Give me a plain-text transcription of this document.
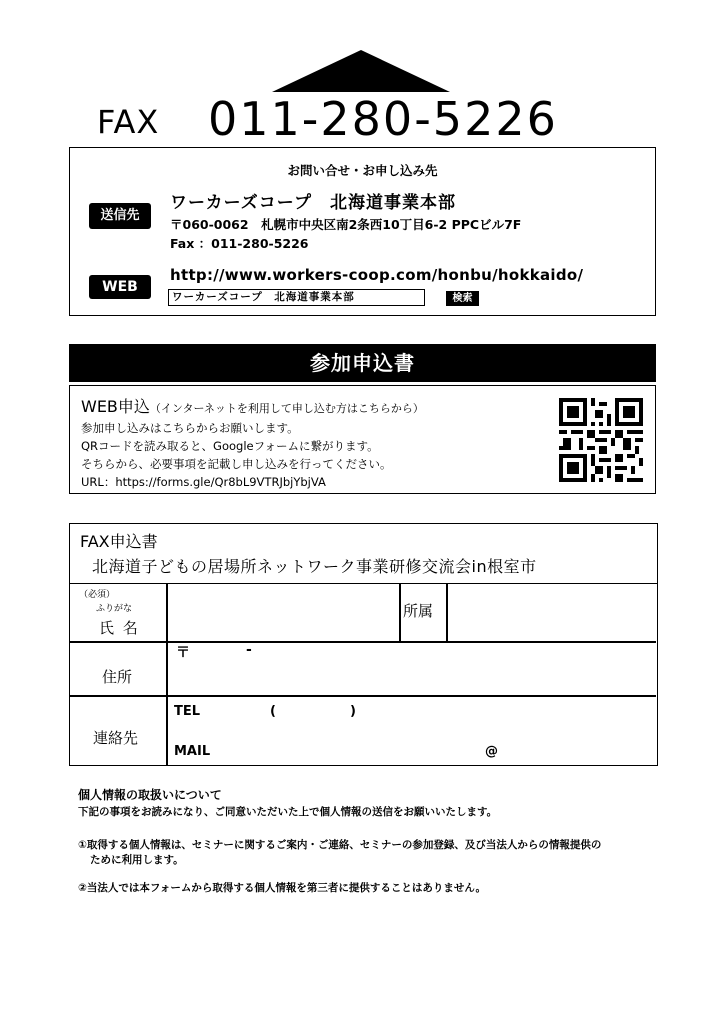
FAX 011-280-5226
お問い合せ・お申し込み先
送信先
ワーカーズコープ　北海道事業本部
〒060-0062　札幌市中央区南2条西10丁目6-2 PPCビル7F
Fax ：011-280-5226
WEB
http://www.workers-coop.com/honbu/hokkaido/
ワーカーズコープ　北海道事業本部	検索
参加申込書
WEB申込（インターネットを利用して申し込む方はこちらから）
参加申し込みはこちらからお願いします。
QRコードを読み取ると、Googleフォームに繋がります。
そちらから、必要事項を記載し申し込みを行ってください。
URL：https://forms.gle/Qr8bL9VTRJbjYbjVA
FAX申込書
北海道子どもの居場所ネットワーク事業研修交流会in根室市
（必須）
ふりがな
氏 名
所属
住所
〒	-
連絡先
TEL	(	)
MAIL	@
個人情報の取扱いについて
下記の事項をお読みになり、ご同意いただいた上で個人情報の送信をお願いいたします。
①取得する個人情報は、セミナーに関するご案内・ご連絡、セミナーの参加登録、及び当法人からの情報提供の
ために利用します。
②当法人では本フォームから取得する個人情報を第三者に提供することはありません。
